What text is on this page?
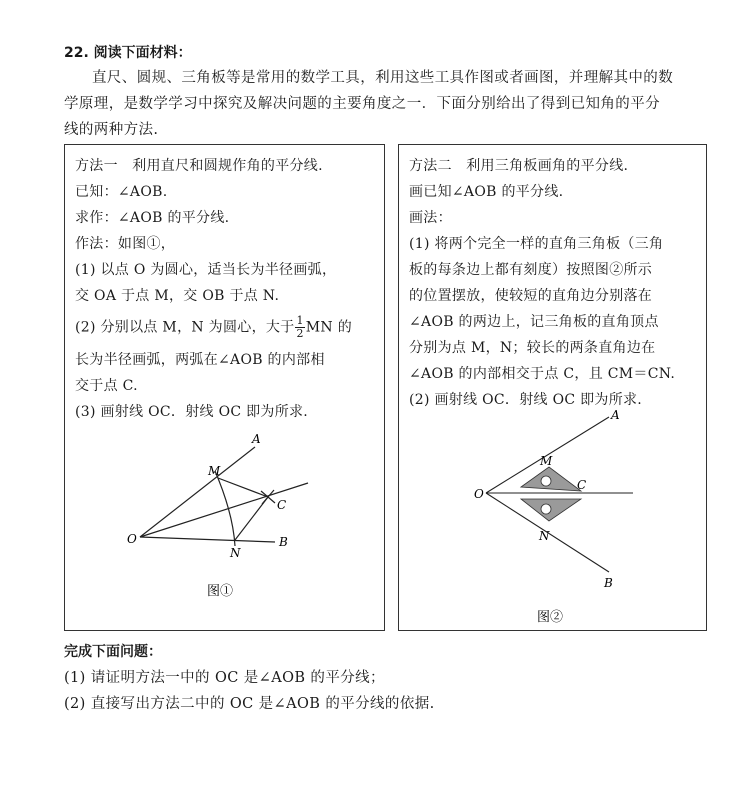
22. 阅读下面材料：
直尺、圆规、三角板等是常用的数学工具，利用这些工具作图或者画图，并理解其中的数
学原理，是数学学习中探究及解决问题的主要角度之一．下面分别给出了得到已知角的平分
线的两种方法.
方法一　利用直尺和圆规作角的平分线.
已知：∠AOB.
求作：∠AOB 的平分线.
作法：如图①，
(1) 以点 O 为圆心，适当长为半径画弧，
交 OA 于点 M，交 OB 于点 N.
(2) 分别以点 M，N 为圆心，大于 $\frac{1}{2}$ MN 的
长为半径画弧，两弧在∠AOB 的内部相
交于点 C.
(3) 画射线 OC．射线 OC 即为所求.
A
M
C
O
N
B
图①
方法二　利用三角板画角的平分线.
画已知∠AOB 的平分线.
画法：
(1) 将两个完全一样的直角三角板（三角
板的每条边上都有刻度）按照图②所示
的位置摆放，使较短的直角边分别落在
∠AOB 的两边上，记三角板的直角顶点
分别为点 M，N；较长的两条直角边在
∠AOB 的内部相交于点 C，且 CM＝CN.
(2) 画射线 OC．射线 OC 即为所求.
A
M
C
O
N
B
图②
完成下面问题：
(1) 请证明方法一中的 OC 是∠AOB 的平分线；
(2) 直接写出方法二中的 OC 是∠AOB 的平分线的依据.
